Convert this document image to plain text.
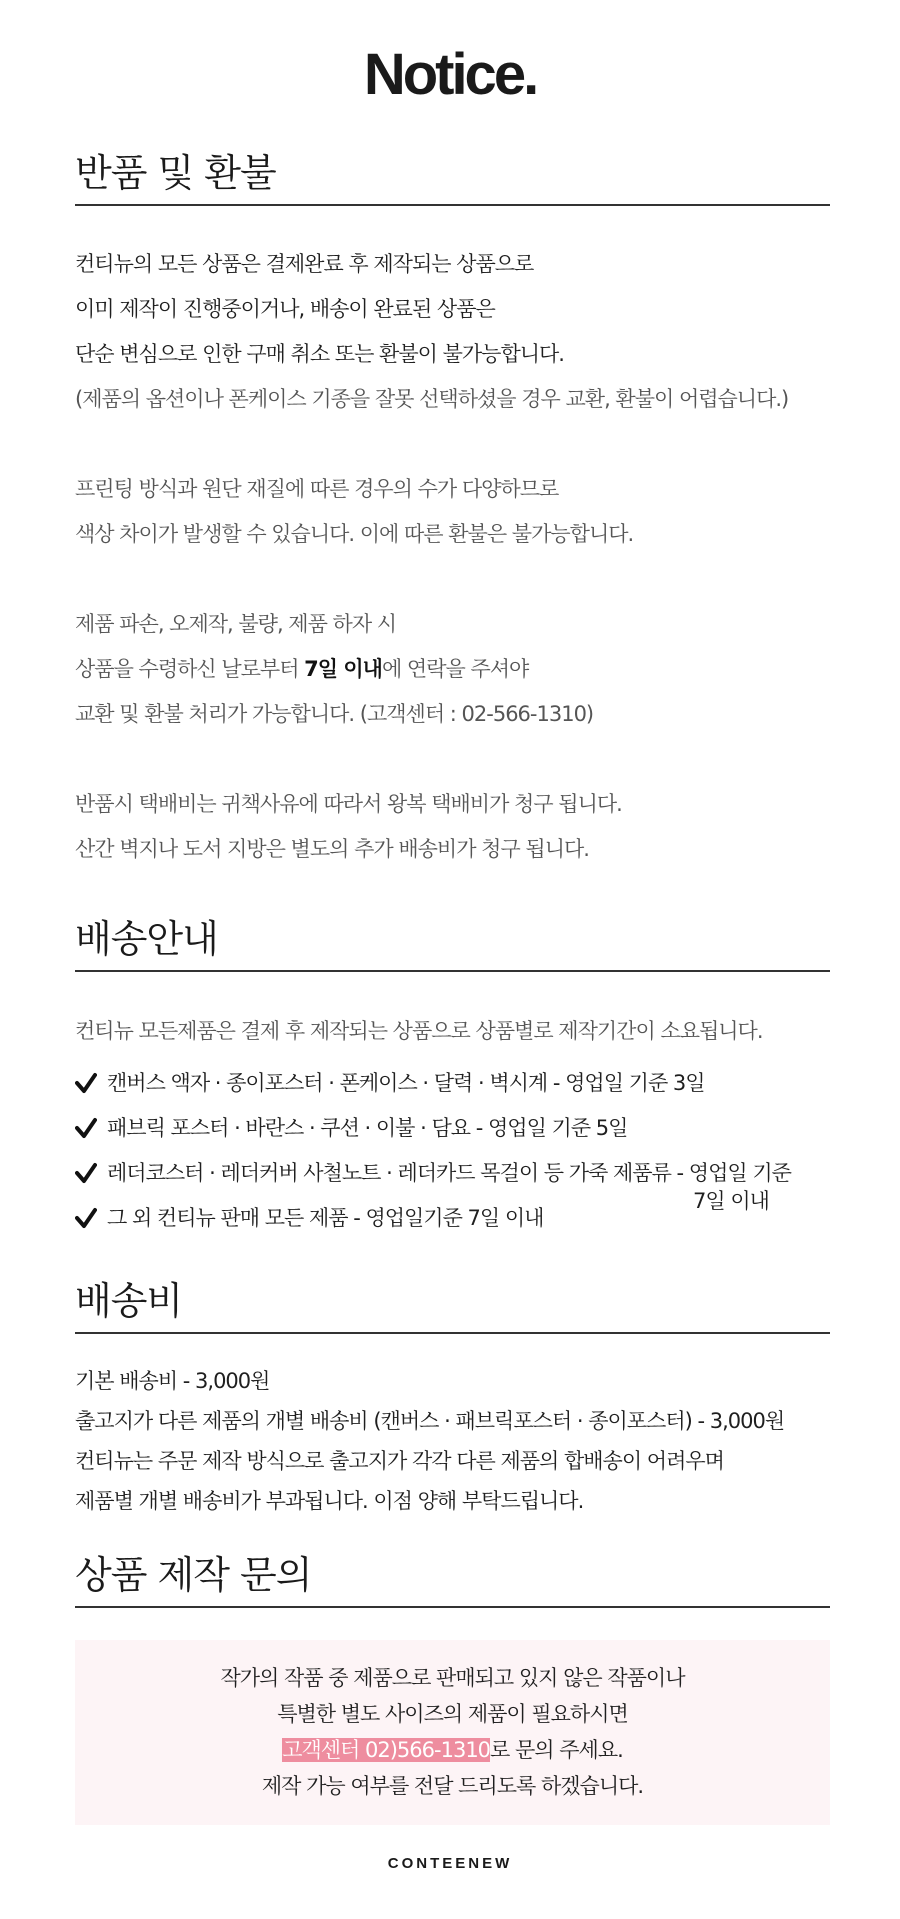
Notice.
반품 및 환불
컨티뉴의 모든 상품은 결제완료 후 제작되는 상품으로
이미 제작이 진행중이거나, 배송이 완료된 상품은
단순 변심으로 인한 구매 취소 또는 환불이 불가능합니다.
(제품의 옵션이나 폰케이스 기종을 잘못 선택하셨을 경우 교환, 환불이 어렵습니다.)
프린팅 방식과 원단 재질에 따른 경우의 수가 다양하므로
색상 차이가 발생할 수 있습니다. 이에 따른 환불은 불가능합니다.
제품 파손, 오제작, 불량, 제품 하자 시
상품을 수령하신 날로부터 7일 이내에 연락을 주셔야
교환 및 환불 처리가 가능합니다. (고객센터 : 02-566-1310)
반품시 택배비는 귀책사유에 따라서 왕복 택배비가 청구 됩니다.
산간 벽지나 도서 지방은 별도의 추가 배송비가 청구 됩니다.
배송안내
컨티뉴 모든제품은 결제 후 제작되는 상품으로 상품별로 제작기간이 소요됩니다.
캔버스 액자 · 종이포스터 · 폰케이스 · 달력 · 벽시계 - 영업일 기준 3일
패브릭 포스터 · 바란스 · 쿠션 · 이불 · 담요 - 영업일 기준 5일
레더코스터 · 레더커버 사철노트 · 레더카드 목걸이 등 가죽 제품류 - 영업일 기준
7일 이내
그 외 컨티뉴 판매 모든 제품 - 영업일기준 7일 이내
배송비
기본 배송비 - 3,000원
출고지가 다른 제품의 개별 배송비 (캔버스 · 패브릭포스터 · 종이포스터) - 3,000원
컨티뉴는 주문 제작 방식으로 출고지가 각각 다른 제품의 합배송이 어려우며
제품별 개별 배송비가 부과됩니다. 이점 양해 부탁드립니다.
상품 제작 문의
작가의 작품 중 제품으로 판매되고 있지 않은 작품이나
특별한 별도 사이즈의 제품이 필요하시면
고객센터 02)566-1310로 문의 주세요.
제작 가능 여부를 전달 드리도록 하겠습니다.
CONTEENEW
